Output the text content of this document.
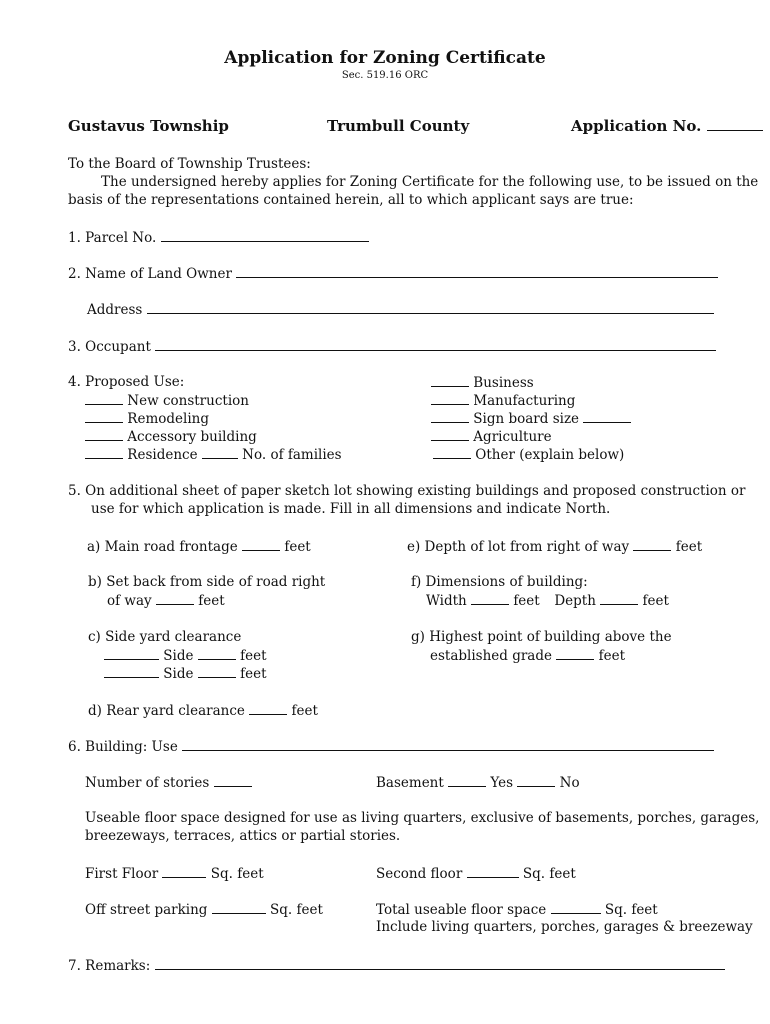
Application for Zoning Certificate
Sec. 519.16 ORC
Gustavus Township	Trumbull County	Application No.
To the Board of Township Trustees:
The undersigned hereby applies for Zoning Certificate for the following use, to be issued on the
basis of the representations contained herein, all to which applicant says are true:
1. Parcel No.
2. Name of Land Owner
Address
3. Occupant
4. Proposed Use:
New construction
Remodeling
Accessory building
Residence	No. of families
Business
Manufacturing
Sign board size
Agriculture
Other (explain below)
5. On additional sheet of paper sketch lot showing existing buildings and proposed construction or
use for which application is made. Fill in all dimensions and indicate North.
a) Main road frontage	feet	e) Depth of lot from right of way	feet
b) Set back from side of road right
of way	feet
f) Dimensions of building:
Width	feet Depth	feet
c) Side yard clearance
Side	feet
Side	feet
g) Highest point of building above the
established grade	feet
d) Rear yard clearance	feet
6. Building: Use
Number of stories	Basement	Yes	No
Useable floor space designed for use as living quarters, exclusive of basements, porches, garages,
breezeways, terraces, attics or partial stories.
First Floor	Sq. feet	Second floor	Sq. feet
Off street parking	Sq. feet	Total useable floor space	Sq. feet
Include living quarters, porches, garages & breezeway
7. Remarks:
